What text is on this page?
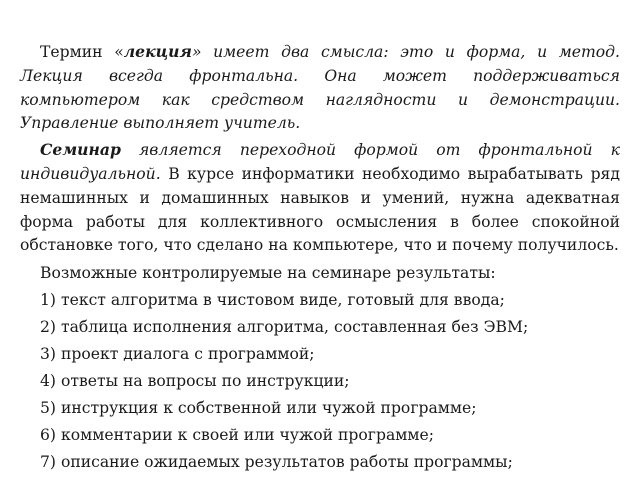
Термин «лекция» имеет два смысла: это и форма, и метод. Лекция всегда фронтальна. Она может поддерживаться компьютером как средством наглядности и демонстрации. Управление выполняет учитель.

Семинар является переходной формой от фронтальной к индивидуальной. В курсе информатики необходимо вырабатывать ряд немашинных и домашинных навыков и умений, нужна адекватная форма работы для коллективного осмысления в более спокойной обстановке того, что сделано на компьютере, что и почему получилось.

Возможные контролируемые на семинаре результаты:

1) текст алгоритма в чистовом виде, готовый для ввода;
2) таблица исполнения алгоритма, составленная без ЭВМ;
3) проект диалога с программой;
4) ответы на вопросы по инструкции;
5) инструкция к собственной или чужой программе;
6) комментарии к своей или чужой программе;
7) описание ожидаемых результатов работы программы;
